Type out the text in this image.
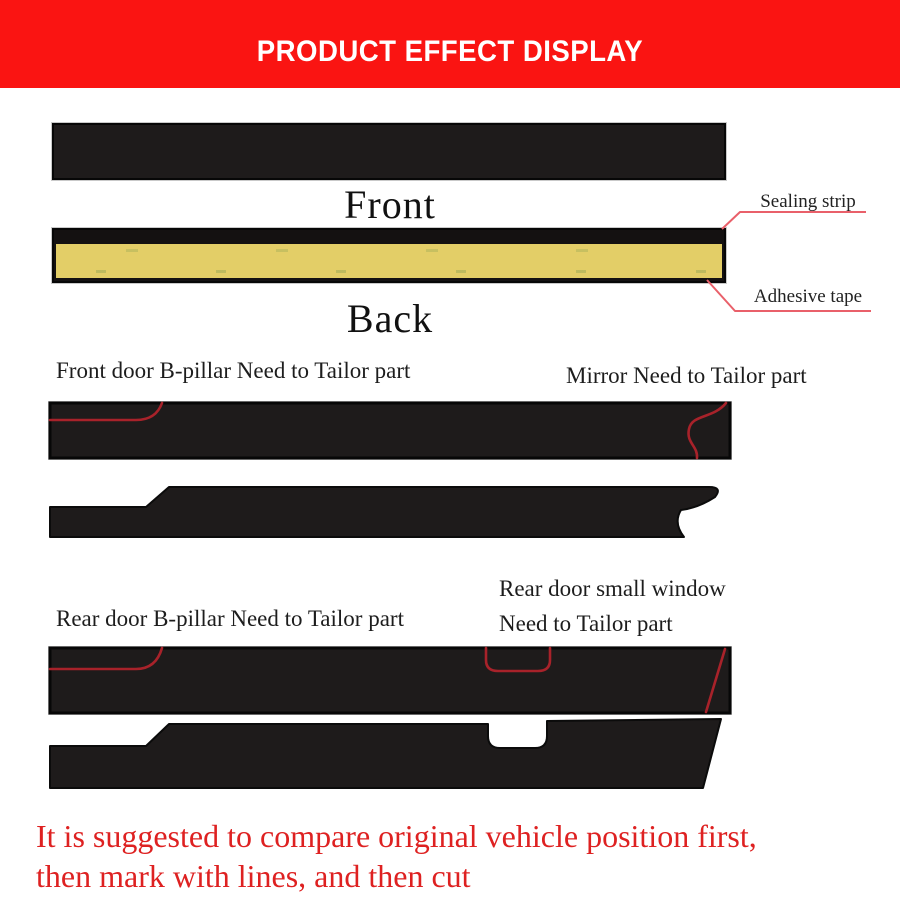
PRODUCT EFFECT DISPLAY
Front
Back
Sealing strip
Adhesive tape
Front door B-pillar Need to Tailor part	Mirror Need to Tailor part
Rear door small window
Need to Tailor part
Rear door B-pillar Need to Tailor part
It is suggested to compare original vehicle position first,
then mark with lines, and then cut
